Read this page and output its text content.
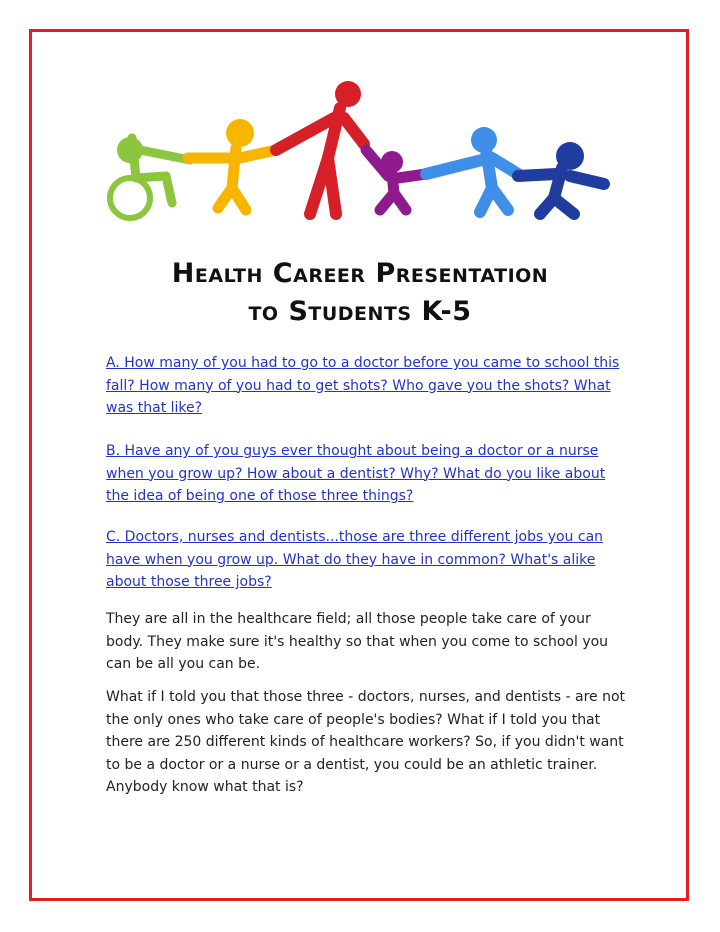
Health Career Presentation
to Students K-5
A. How many of you had to go to a doctor before you came to school this fall? How many of you had to get shots? Who gave you the shots? What was that like?
B. Have any of you guys ever thought about being a doctor or a nurse when you grow up? How about a dentist? Why? What do you like about the idea of being one of those three things?
C. Doctors, nurses and dentists...those are three different jobs you can have when you grow up. What do they have in common? What's alike about those three jobs?
They are all in the healthcare field; all those people take care of your body. They make sure it's healthy so that when you come to school you can be all you can be.
What if I told you that those three - doctors, nurses, and dentists - are not the only ones who take care of people's bodies? What if I told you that there are 250 different kinds of healthcare workers? So, if you didn't want to be a doctor or a nurse or a dentist, you could be an athletic trainer. Anybody know what that is?
